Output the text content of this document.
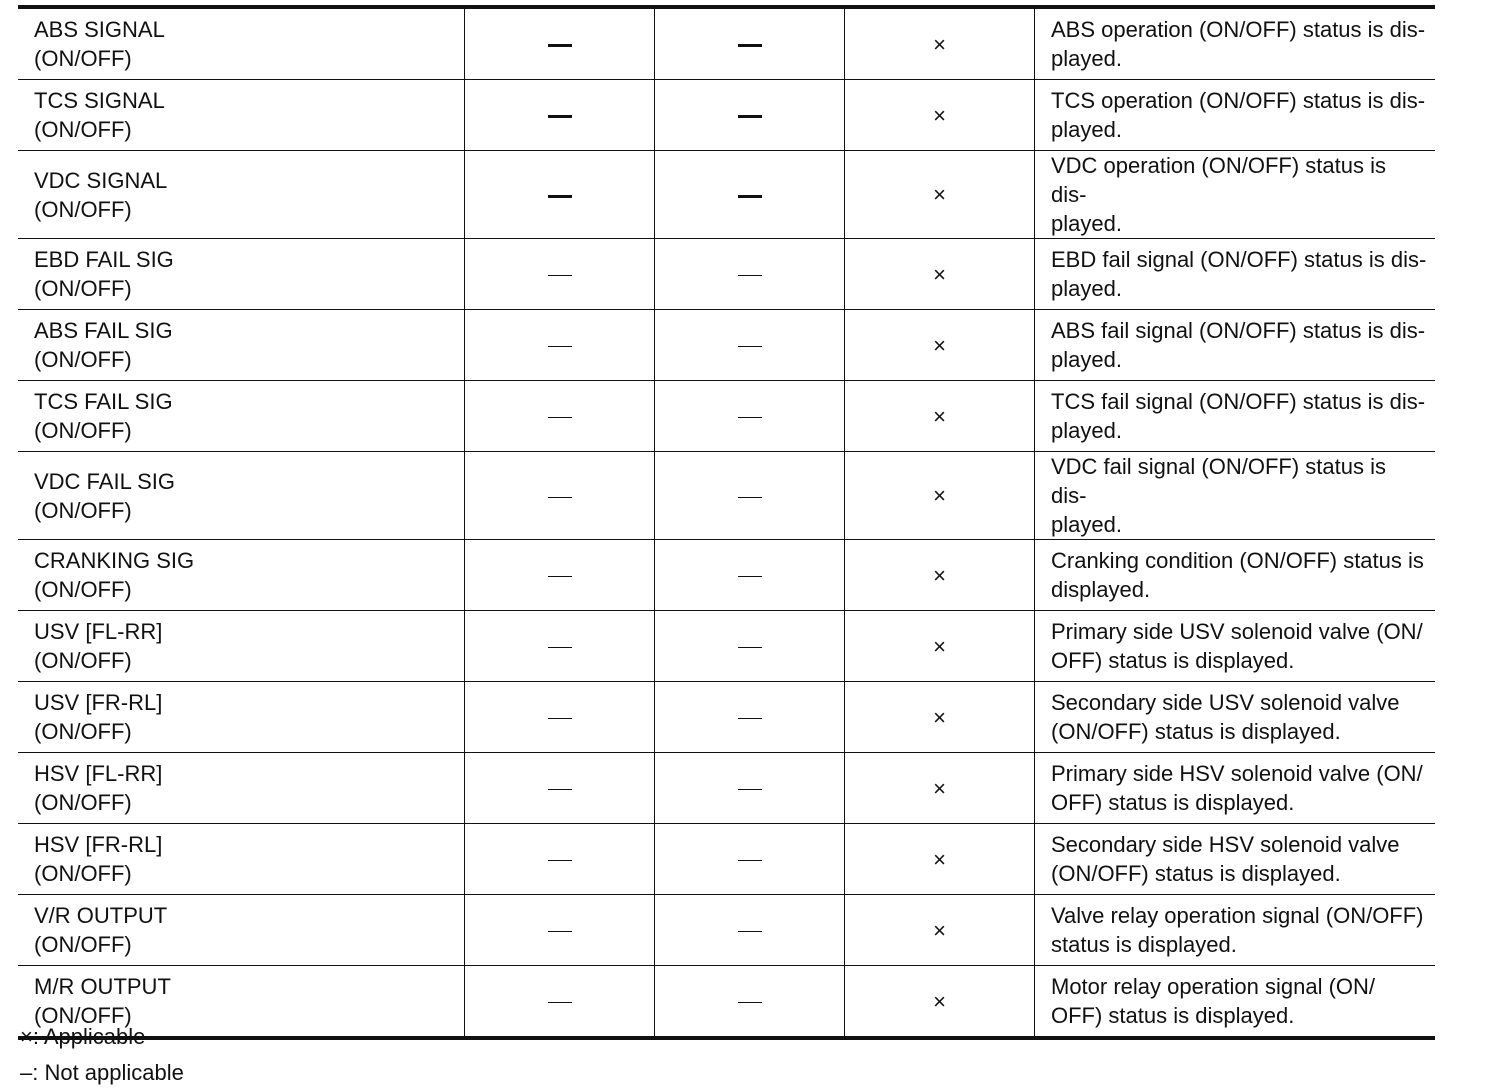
ABS SIGNAL
(ON/OFF)			×	ABS operation (ON/OFF) status is dis-
played.

TCS SIGNAL
(ON/OFF)			×	TCS operation (ON/OFF) status is dis-
played.

VDC SIGNAL
(ON/OFF)			×	VDC operation (ON/OFF) status is dis-
played.

EBD FAIL SIG
(ON/OFF)			×	EBD fail signal (ON/OFF) status is dis-
played.

ABS FAIL SIG
(ON/OFF)			×	ABS fail signal (ON/OFF) status is dis-
played.

TCS FAIL SIG
(ON/OFF)			×	TCS fail signal (ON/OFF) status is dis-
played.

VDC FAIL SIG
(ON/OFF)			×	VDC fail signal (ON/OFF) status is dis-
played.

CRANKING SIG
(ON/OFF)			×	Cranking condition (ON/OFF) status is
displayed.

USV [FL-RR]
(ON/OFF)			×	Primary side USV solenoid valve (ON/
OFF) status is displayed.

USV [FR-RL]
(ON/OFF)			×	Secondary side USV solenoid valve
(ON/OFF) status is displayed.

HSV [FL-RR]
(ON/OFF)			×	Primary side HSV solenoid valve (ON/
OFF) status is displayed.

HSV [FR-RL]
(ON/OFF)			×	Secondary side HSV solenoid valve
(ON/OFF) status is displayed.

V/R OUTPUT
(ON/OFF)			×	Valve relay operation signal (ON/OFF)
status is displayed.

M/R OUTPUT
(ON/OFF)			×	Motor relay operation signal (ON/
OFF) status is displayed.
×: Applicable
–: Not applicable
